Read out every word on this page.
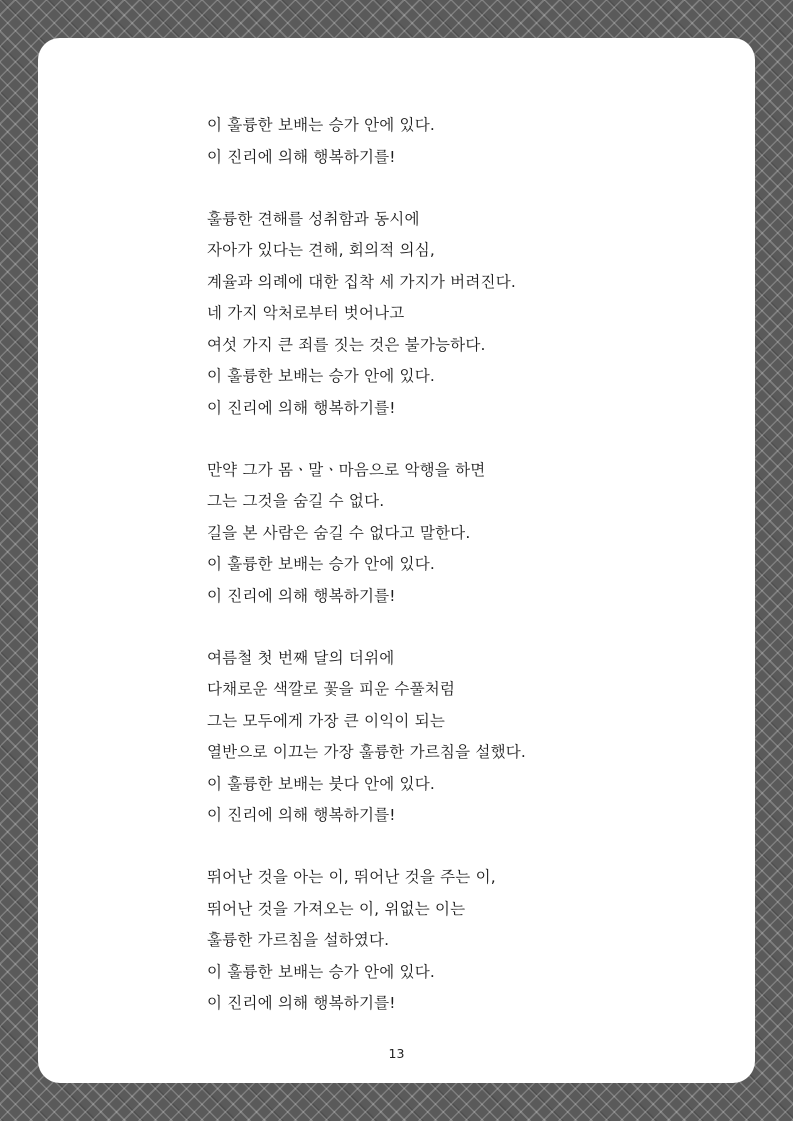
이 훌륭한 보배는 승가 안에 있다.
이 진리에 의해 행복하기를!
훌륭한 견해를 성취함과 동시에
자아가 있다는 견해, 회의적 의심,
계율과 의례에 대한 집착 세 가지가 버려진다.
네 가지 악처로부터 벗어나고
여섯 가지 큰 죄를 짓는 것은 불가능하다.
이 훌륭한 보배는 승가 안에 있다.
이 진리에 의해 행복하기를!
만약 그가 몸ㆍ말ㆍ마음으로 악행을 하면
그는 그것을 숨길 수 없다.
길을 본 사람은 숨길 수 없다고 말한다.
이 훌륭한 보배는 승가 안에 있다.
이 진리에 의해 행복하기를!
여름철 첫 번째 달의 더위에
다채로운 색깔로 꽃을 피운 수풀처럼
그는 모두에게 가장 큰 이익이 되는
열반으로 이끄는 가장 훌륭한 가르침을 설했다.
이 훌륭한 보배는 붓다 안에 있다.
이 진리에 의해 행복하기를!
뛰어난 것을 아는 이, 뛰어난 것을 주는 이,
뛰어난 것을 가져오는 이, 위없는 이는
훌륭한 가르침을 설하였다.
이 훌륭한 보배는 승가 안에 있다.
이 진리에 의해 행복하기를!
13
